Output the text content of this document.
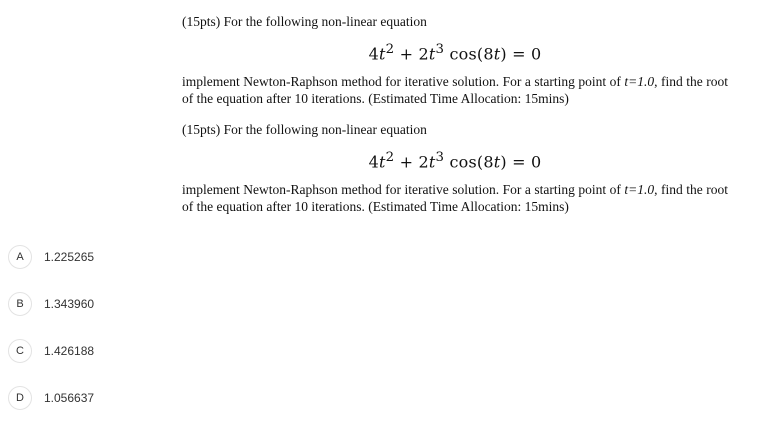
(15pts) For the following non-linear equation

$4t^2 + 2t^3$ cos(8t) = 0

implement Newton-Raphson method for iterative solution. For a starting point of t=1.0, find the root of the equation after 10 iterations. (Estimated Time Allocation: 15mins)

(15pts) For the following non-linear equation

$4t^2 + 2t^3$ cos(8t) = 0

implement Newton-Raphson method for iterative solution. For a starting point of t=1.0, find the root of the equation after 10 iterations. (Estimated Time Allocation: 15mins)

A	1.225265
B	1.343960
C	1.426188
D	1.056637
